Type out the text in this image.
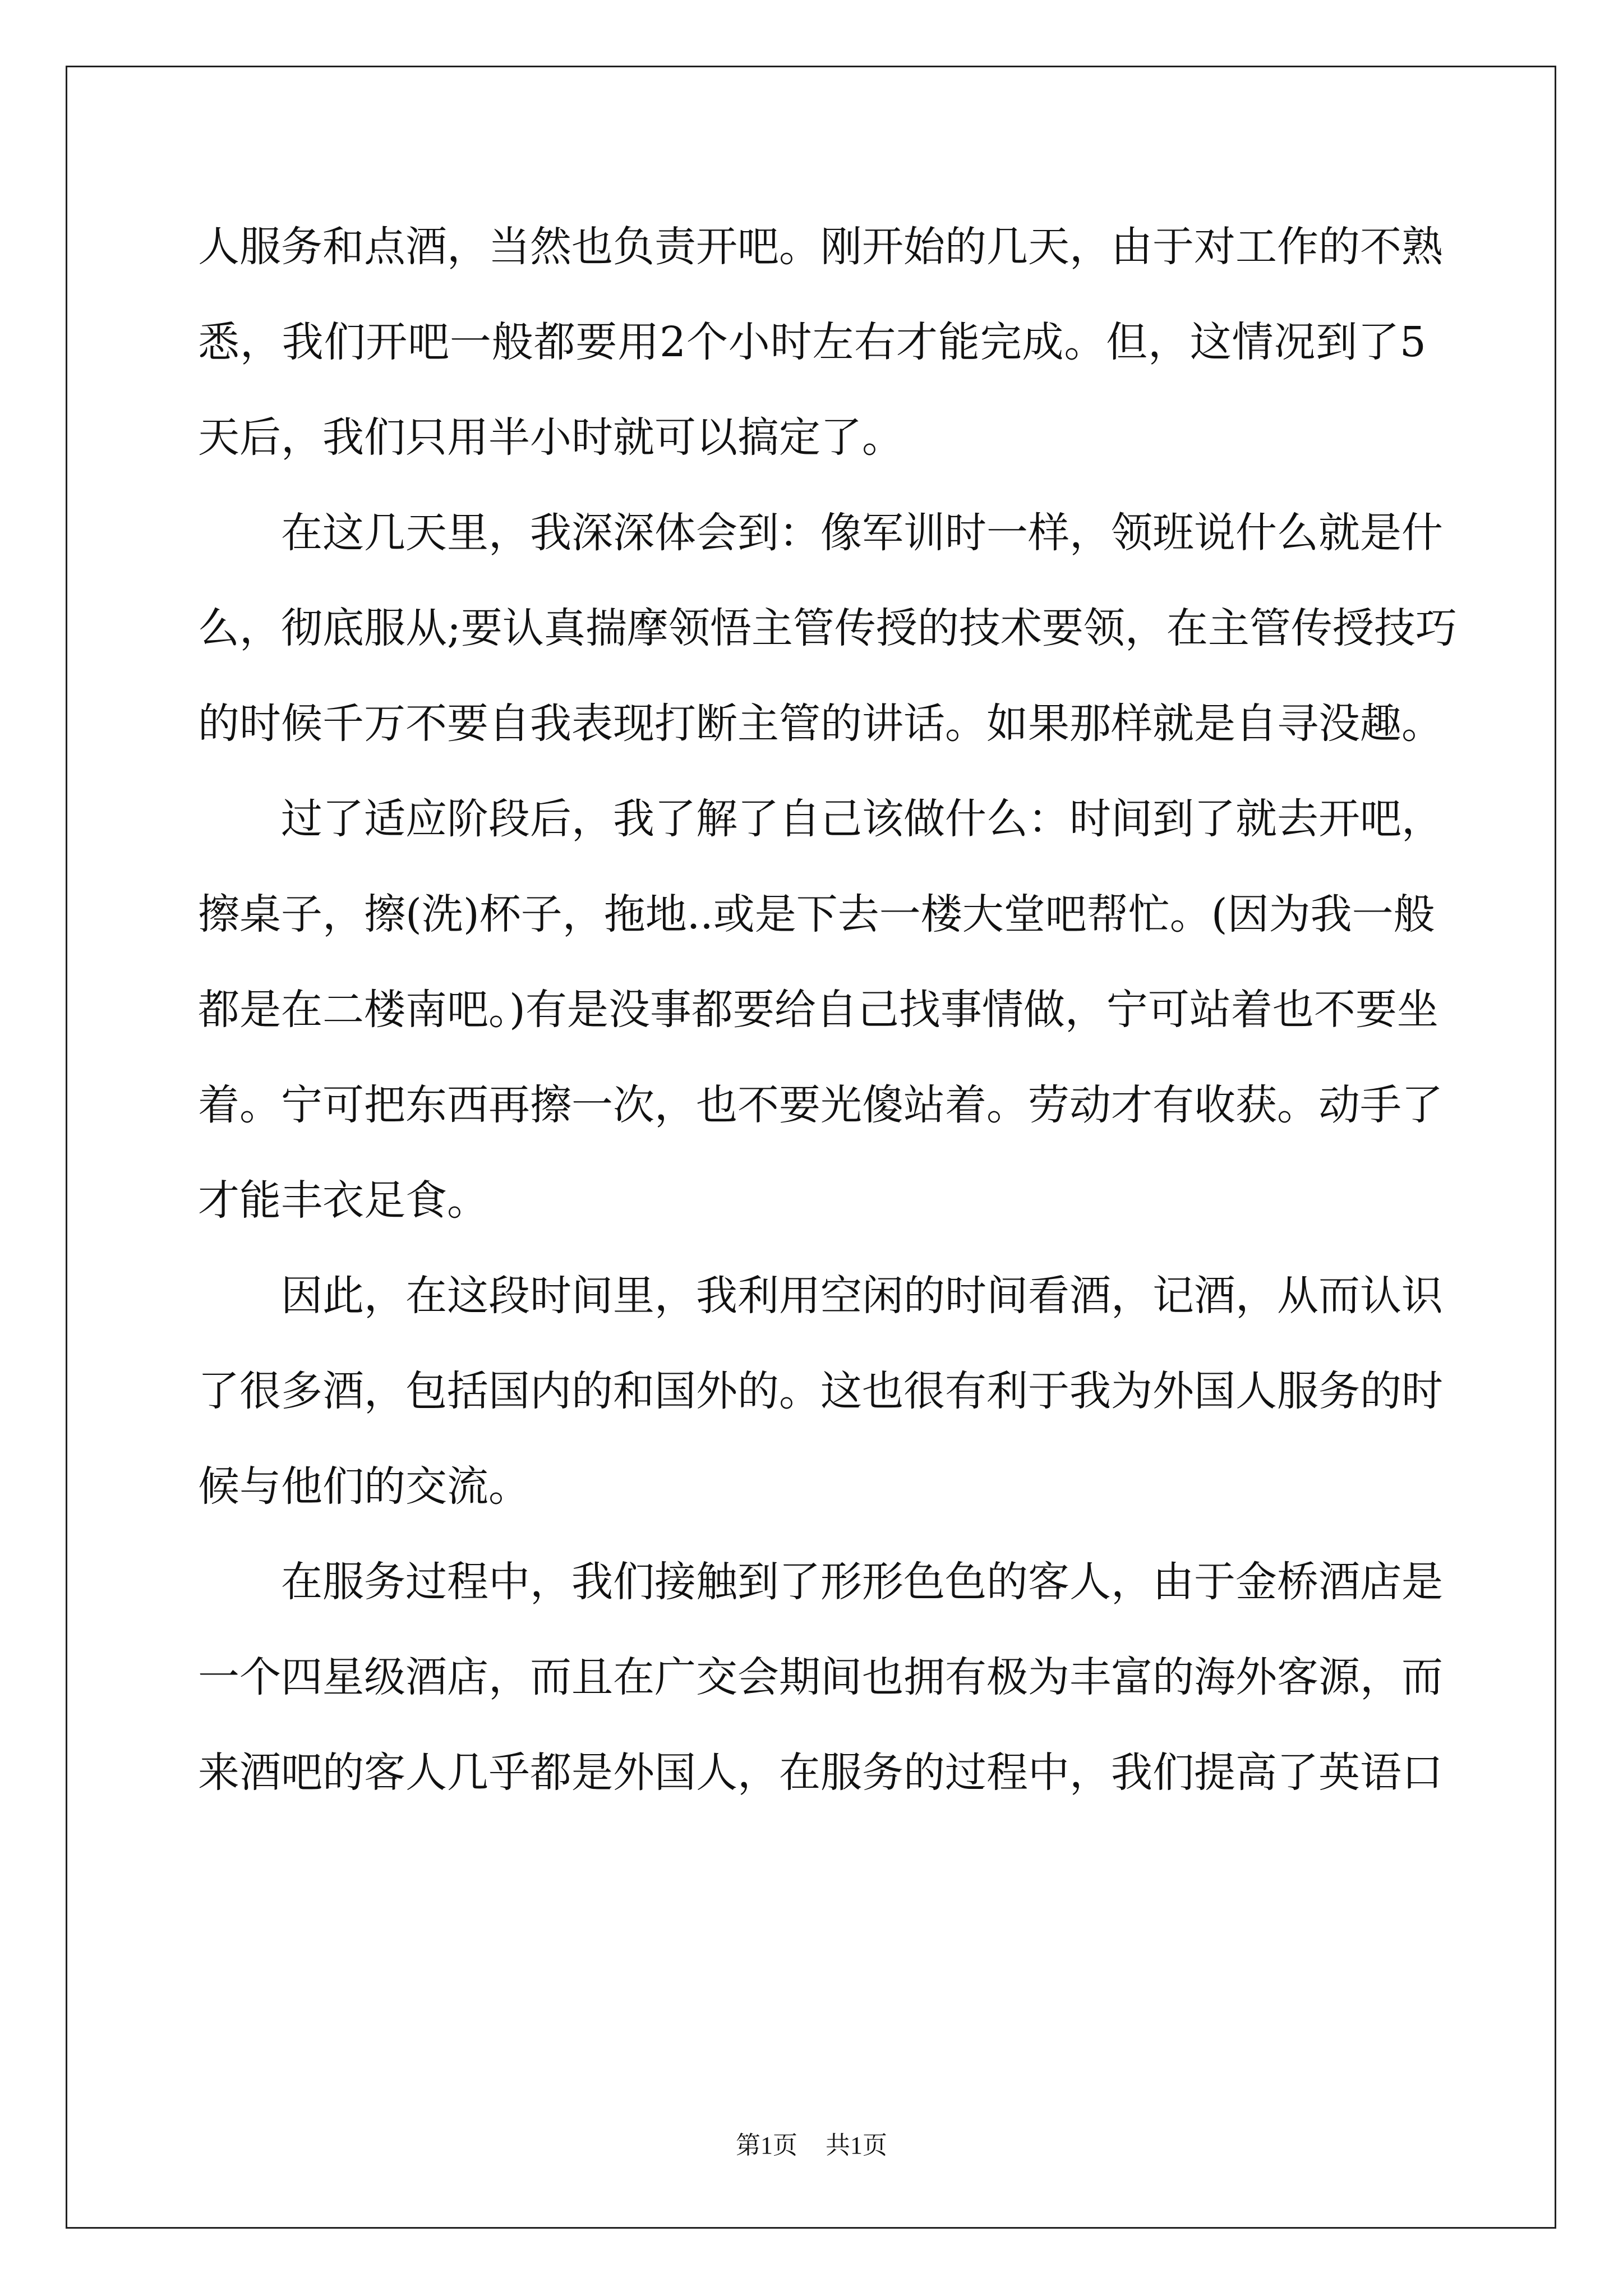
人服务和点酒，当然也负责开吧。刚开始的几天，由于对工作的不熟
悉，我们开吧一般都要用2个小时左右才能完成。但，这情况到了5
天后，我们只用半小时就可以搞定了。
在这几天里，我深深体会到：像军训时一样，领班说什么就是什
么，彻底服从;要认真揣摩领悟主管传授的技术要领，在主管传授技巧
的时候千万不要自我表现打断主管的讲话。如果那样就是自寻没趣。
过了适应阶段后，我了解了自己该做什么：时间到了就去开吧，
擦桌子，擦(洗)杯子，拖地..或是下去一楼大堂吧帮忙。(因为我一般
都是在二楼南吧。)有是没事都要给自己找事情做，宁可站着也不要坐
着。宁可把东西再擦一次，也不要光傻站着。劳动才有收获。动手了
才能丰衣足食。
因此，在这段时间里，我利用空闲的时间看酒，记酒，从而认识
了很多酒，包括国内的和国外的。这也很有利于我为外国人服务的时
候与他们的交流。
在服务过程中，我们接触到了形形色色的客人，由于金桥酒店是
一个四星级酒店，而且在广交会期间也拥有极为丰富的海外客源，而
来酒吧的客人几乎都是外国人，在服务的过程中，我们提高了英语口
第1页 共1页
